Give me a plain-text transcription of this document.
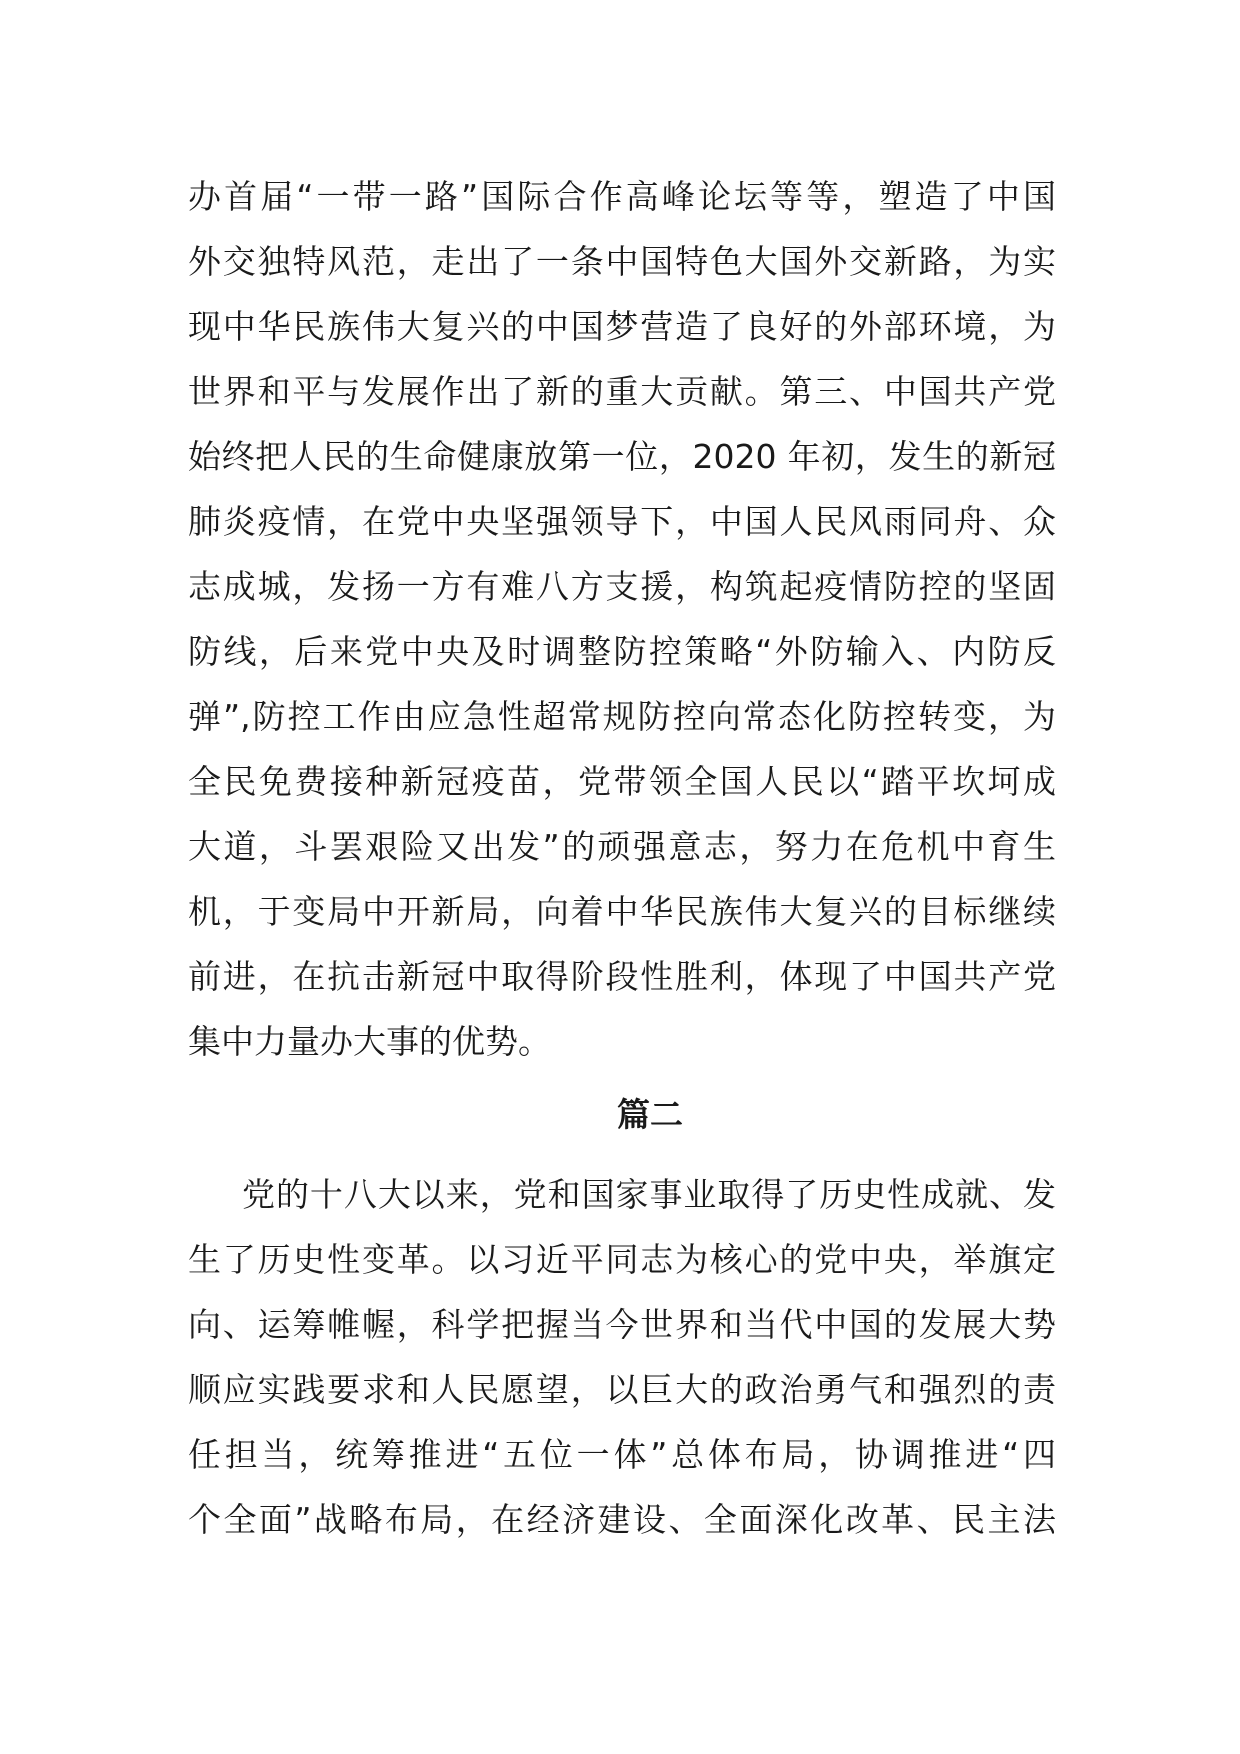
办首届“一带一路”国际合作高峰论坛等等，塑造了中国
外交独特风范，走出了一条中国特色大国外交新路，为实
现中华民族伟大复兴的中国梦营造了良好的外部环境，为
世界和平与发展作出了新的重大贡献。第三、中国共产党
始终把人民的生命健康放第一位，2020 年初，发生的新冠
肺炎疫情，在党中央坚强领导下，中国人民风雨同舟、众
志成城，发扬一方有难八方支援，构筑起疫情防控的坚固
防线，后来党中央及时调整防控策略“外防输入、内防反
弹”,防控工作由应急性超常规防控向常态化防控转变，为
全民免费接种新冠疫苗，党带领全国人民以“踏平坎坷成
大道，斗罢艰险又出发”的顽强意志，努力在危机中育生
机，于变局中开新局，向着中华民族伟大复兴的目标继续
前进，在抗击新冠中取得阶段性胜利，体现了中国共产党
集中力量办大事的优势。
篇二
党的十八大以来，党和国家事业取得了历史性成就、发
生了历史性变革。以习近平同志为核心的党中央，举旗定
向、运筹帷幄，科学把握当今世界和当代中国的发展大势
顺应实践要求和人民愿望，以巨大的政治勇气和强烈的责
任担当，统筹推进“五位一体”总体布局，协调推进“四
个全面”战略布局，在经济建设、全面深化改革、民主法
